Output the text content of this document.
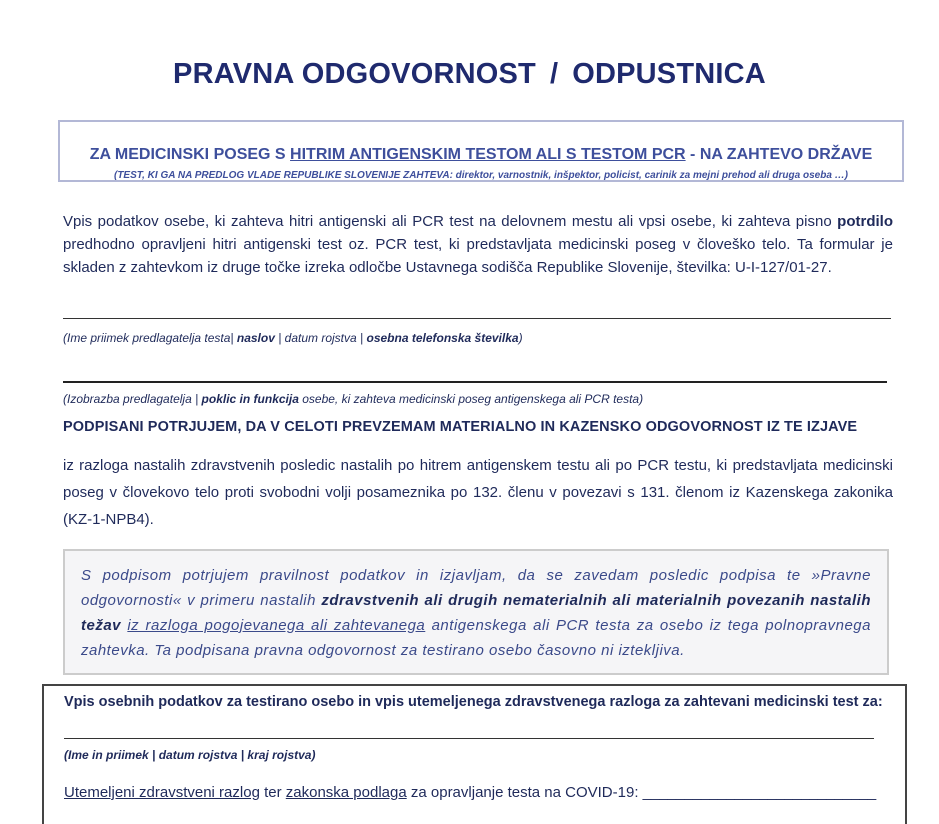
PRAVNA ODGOVORNOST / ODPUSTNICA
ZA MEDICINSKI POSEG S HITRIM ANTIGENSKIM TESTOM ALI S TESTOM PCR - NA ZAHTEVO DRŽAVE
(TEST, KI GA NA PREDLOG VLADE REPUBLIKE SLOVENIJE ZAHTEVA: direktor, varnostnik, inšpektor, policist, carinik za mejni prehod ali druga oseba …)
Vpis podatkov osebe, ki zahteva hitri antigenski ali PCR test na delovnem mestu ali vpsi osebe, ki zahteva pisno potrdilo predhodno opravljeni hitri antigenski test oz. PCR test, ki predstavljata medicinski poseg v človeško telo. Ta formular je skladen z zahtevkom iz druge točke izreka odločbe Ustavnega sodišča Republike Slovenije, številka: U-I-127/01-27.
(Ime priimek predlagatelja testa| naslov | datum rojstva | osebna telefonska številka)
(Izobrazba predlagatelja | poklic in funkcija osebe, ki zahteva medicinski poseg antigenskega ali PCR testa)
PODPISANI POTRJUJEM, DA V CELOTI PREVZEMAM MATERIALNO IN KAZENSKO ODGOVORNOST IZ TE IZJAVE
iz razloga nastalih zdravstvenih posledic nastalih po hitrem antigenskem testu ali po PCR testu, ki predstavljata medicinski poseg v človekovo telo proti svobodni volji posameznika po 132. členu v povezavi s 131. členom iz Kazenskega zakonika (KZ-1-NPB4).
S podpisom potrjujem pravilnost podatkov in izjavljam, da se zavedam posledic podpisa te »Pravne odgovornosti« v primeru nastalih zdravstvenih ali drugih nematerialnih ali materialnih povezanih nastalih težav iz razloga pogojevanega ali zahtevanega antigenskega ali PCR testa za osebo iz tega polnopravnega zahtevka. Ta podpisana pravna odgovornost za testirano osebo časovno ni iztekljiva.
Vpis osebnih podatkov za testirano osebo in vpis utemeljenega zdravstvenega razloga za zahtevani medicinski test za:
(Ime in priimek | datum rojstva | kraj rojstva)
Utemeljeni zdravstveni razlog ter zakonska podlaga za opravljanje testa na COVID-19: ____________________________
